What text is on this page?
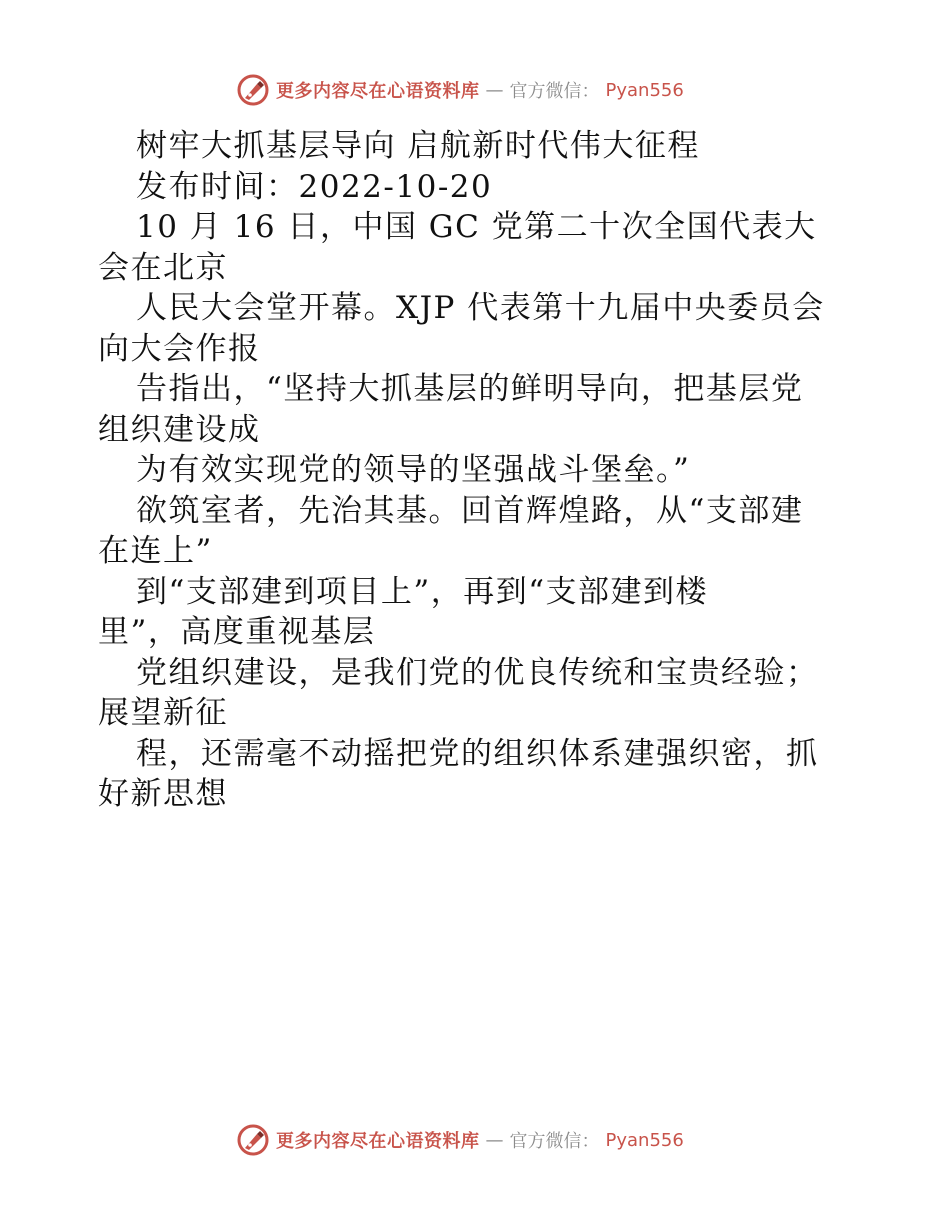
更多内容尽在心语资料库 — 官方微信： Pyan556
树牢大抓基层导向 启航新时代伟大征程
发布时间：2022-10-20
10 月 16 日，中国 GC 党第二十次全国代表大
会在北京
人民大会堂开幕。XJP 代表第十九届中央委员会
向大会作报
告指出，“坚持大抓基层的鲜明导向，把基层党
组织建设成
为有效实现党的领导的坚强战斗堡垒。”
欲筑室者，先治其基。回首辉煌路，从“支部建
在连上”
到“支部建到项目上”，再到“支部建到楼
里”，高度重视基层
党组织建设，是我们党的优良传统和宝贵经验；
展望新征
程，还需毫不动摇把党的组织体系建强织密，抓
好新思想
更多内容尽在心语资料库 — 官方微信： Pyan556
